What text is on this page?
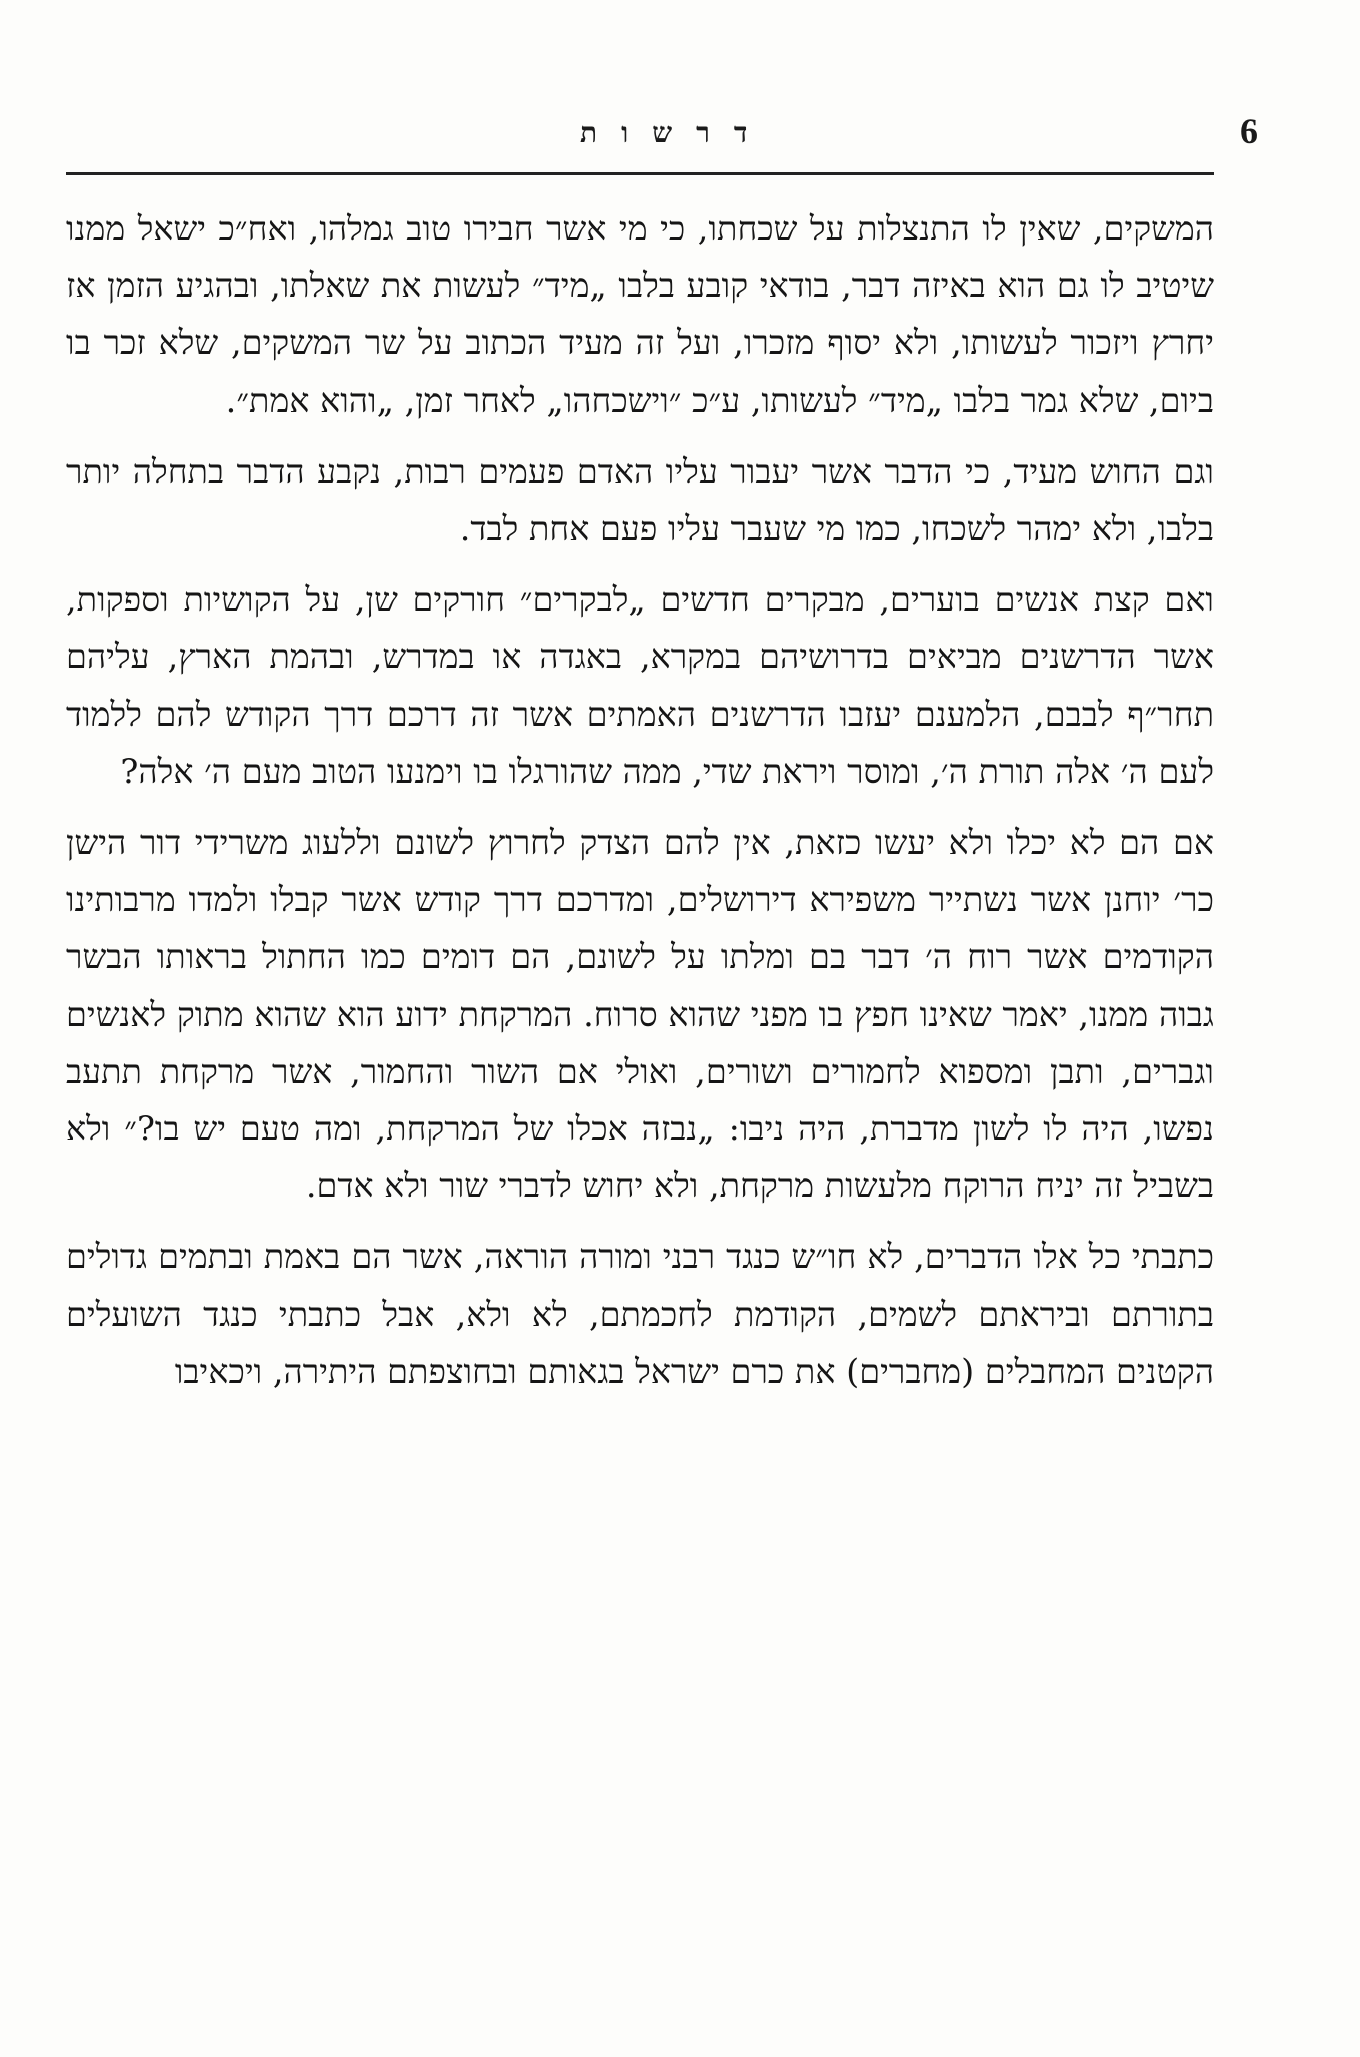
6
דרשות

המשקים, שאין לו התנצלות על שכחתו, כי מי אשר חבירו טוב גמלהו, ואח״כ ישאל ממנו שיטיב לו גם הוא באיזה דבר, בודאי קובע בלבו „מיד״ לעשות את שאלתו, ובהגיע הזמן אז יחרץ ויזכור לעשותו, ולא יסוף מזכרו, ועל זה מעיד הכתוב על שר המשקים, שלא זכר בו ביום, שלא גמר בלבו „מיד״ לעשותו, ע״כ ״וישכחהו„ לאחר זמן, „והוא אמת״.

וגם החוש מעיד, כי הדבר אשר יעבור עליו האדם פעמים רבות, נקבע הדבר בתחלה יותר בלבו, ולא ימהר לשכחו, כמו מי שעבר עליו פעם אחת לבד.

ואם קצת אנשים בוערים, מבקרים חדשים „לבקרים״ חורקים שן, על הקושיות וספקות, אשר הדרשנים מביאים בדרושיהם במקרא, באגדה או במדרש, ובהמת הארץ, עליהם תחר״ף לבבם, הלמענם יעזבו הדרשנים האמתים אשר זה דרכם דרך הקודש להם ללמוד לעם ה׳ אלה תורת ה׳, ומוסר ויראת שדי, ממה שהורגלו בו וימנעו הטוב מעם ה׳ אלה?

אם הם לא יכלו ולא יעשו כזאת, אין להם הצדק לחרוץ לשונם וללעוג משרידי דור הישן כר׳ יוחנן אשר נשתייר משפירא דירושלים, ומדרכם דרך קודש אשר קבלו ולמדו מרבותינו הקודמים אשר רוח ה׳ דבר בם ומלתו על לשונם, הם דומים כמו החתול בראותו הבשר גבוה ממנו, יאמר שאינו חפץ בו מפני שהוא סרוח. המרקחת ידוע הוא שהוא מתוק לאנשים וגברים, ותבן ומספוא לחמורים ושורים, ואולי אם השור והחמור, אשר מרקחת תתעב נפשו, היה לו לשון מדברת, היה ניבו: „נבזה אכלו של המרקחת, ומה טעם יש בו?״ ולא בשביל זה יניח הרוקח מלעשות מרקחת, ולא יחוש לדברי שור ולא אדם.

כתבתי כל אלו הדברים, לא חו״ש כנגד רבני ומורה הוראה, אשר הם באמת ובתמים גדולים בתורתם וביראתם לשמים, הקודמת לחכמתם, לא ולא, אבל כתבתי כנגד השועלים הקטנים המחבלים (מחברים) את כרם ישראל בגאותם ובחוצפתם היתירה, ויכאיבו
